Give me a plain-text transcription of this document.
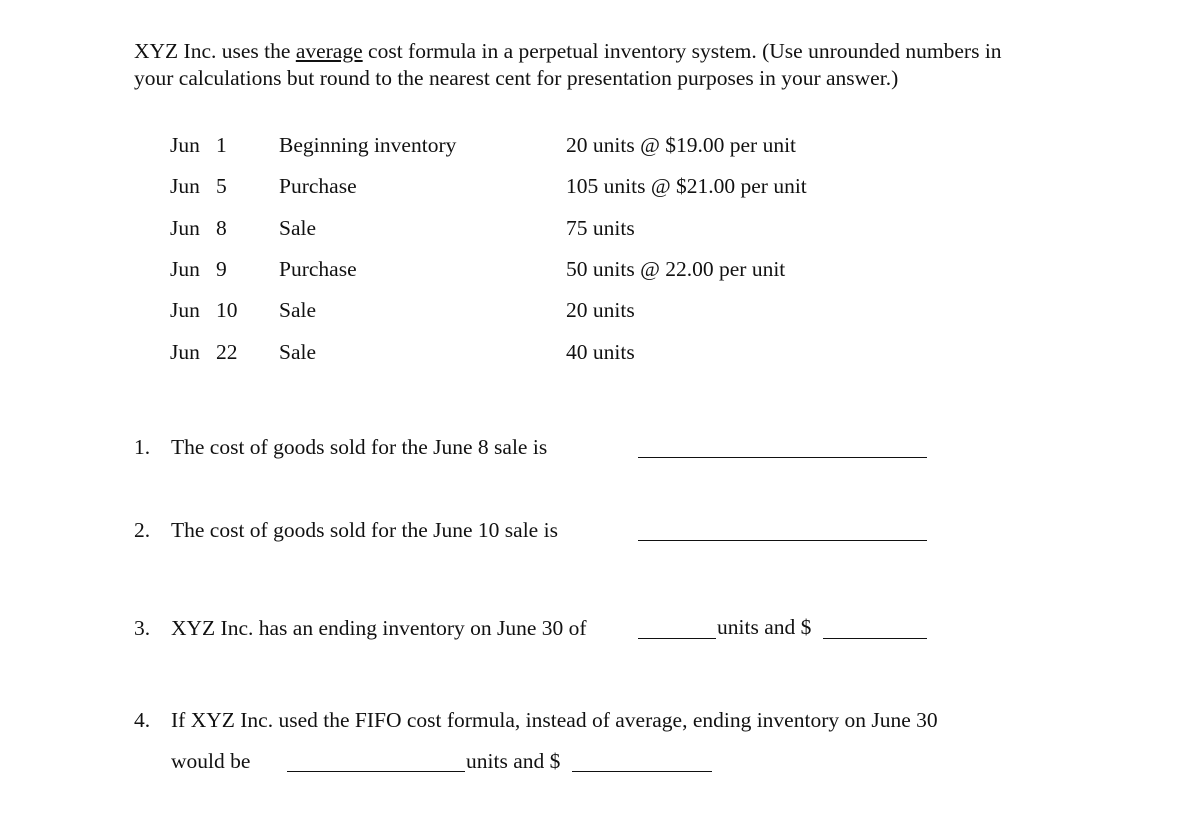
XYZ Inc. uses the average cost formula in a perpetual inventory system. (Use unrounded numbers in your calculations but round to the nearest cent for presentation purposes in your answer.)
Jun   1 Beginning inventory	20 units @ $19.00 per unit
Jun   5 Purchase	105 units @ $21.00 per unit
Jun   8 Sale	75 units
Jun   9 Purchase	50 units @ 22.00 per unit
Jun   10 Sale	20 units
Jun   22 Sale	40 units
1. The cost of goods sold for the June 8 sale is
2. The cost of goods sold for the June 10 sale is
3. XYZ Inc. has an ending inventory on June 30 of	units and $
4. If XYZ Inc. used the FIFO cost formula, instead of average, ending inventory on June 30
would be	units and $
